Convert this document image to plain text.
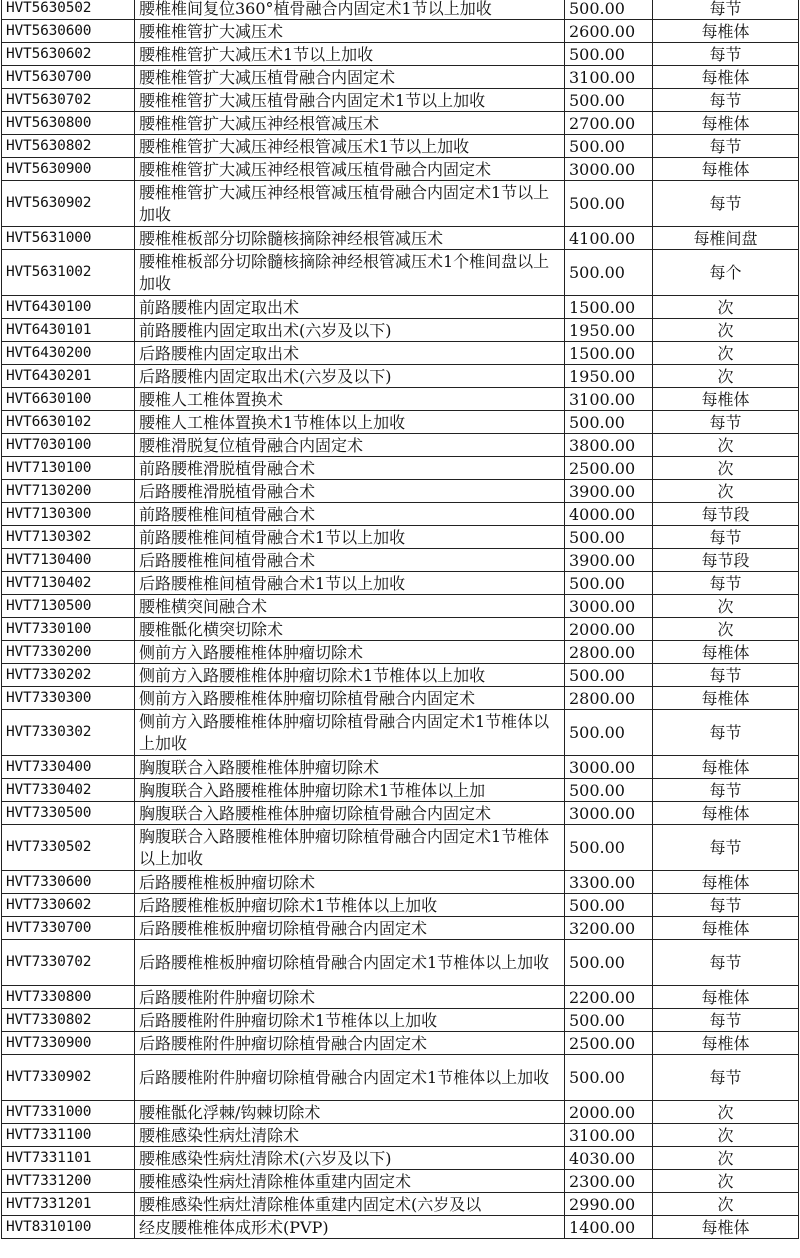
HVT5630502	腰椎椎间复位360°植骨融合内固定术1节以上加收	500.00	每节
HVT5630600	腰椎椎管扩大减压术	2600.00	每椎体
HVT5630602	腰椎椎管扩大减压术1节以上加收	500.00	每节
HVT5630700	腰椎椎管扩大减压植骨融合内固定术	3100.00	每椎体
HVT5630702	腰椎椎管扩大减压植骨融合内固定术1节以上加收	500.00	每节
HVT5630800	腰椎椎管扩大减压神经根管减压术	2700.00	每椎体
HVT5630802	腰椎椎管扩大减压神经根管减压术1节以上加收	500.00	每节
HVT5630900	腰椎椎管扩大减压神经根管减压植骨融合内固定术	3000.00	每椎体
HVT5630902	腰椎椎管扩大减压神经根管减压植骨融合内固定术1节以上加收	500.00	每节
HVT5631000	腰椎椎板部分切除髓核摘除神经根管减压术	4100.00	每椎间盘
HVT5631002	腰椎椎板部分切除髓核摘除神经根管减压术1个椎间盘以上加收	500.00	每个
HVT6430100	前路腰椎内固定取出术	1500.00	次
HVT6430101	前路腰椎内固定取出术(六岁及以下)	1950.00	次
HVT6430200	后路腰椎内固定取出术	1500.00	次
HVT6430201	后路腰椎内固定取出术(六岁及以下)	1950.00	次
HVT6630100	腰椎人工椎体置换术	3100.00	每椎体
HVT6630102	腰椎人工椎体置换术1节椎体以上加收	500.00	每节
HVT7030100	腰椎滑脱复位植骨融合内固定术	3800.00	次
HVT7130100	前路腰椎滑脱植骨融合术	2500.00	次
HVT7130200	后路腰椎滑脱植骨融合术	3900.00	次
HVT7130300	前路腰椎椎间植骨融合术	4000.00	每节段
HVT7130302	前路腰椎椎间植骨融合术1节以上加收	500.00	每节
HVT7130400	后路腰椎椎间植骨融合术	3900.00	每节段
HVT7130402	后路腰椎椎间植骨融合术1节以上加收	500.00	每节
HVT7130500	腰椎横突间融合术	3000.00	次
HVT7330100	腰椎骶化横突切除术	2000.00	次
HVT7330200	侧前方入路腰椎椎体肿瘤切除术	2800.00	每椎体
HVT7330202	侧前方入路腰椎椎体肿瘤切除术1节椎体以上加收	500.00	每节
HVT7330300	侧前方入路腰椎椎体肿瘤切除植骨融合内固定术	2800.00	每椎体
HVT7330302	侧前方入路腰椎椎体肿瘤切除植骨融合内固定术1节椎体以上加收	500.00	每节
HVT7330400	胸腹联合入路腰椎椎体肿瘤切除术	3000.00	每椎体
HVT7330402	胸腹联合入路腰椎椎体肿瘤切除术1节椎体以上加	500.00	每节
HVT7330500	胸腹联合入路腰椎椎体肿瘤切除植骨融合内固定术	3000.00	每椎体
HVT7330502	胸腹联合入路腰椎椎体肿瘤切除植骨融合内固定术1节椎体以上加收	500.00	每节
HVT7330600	后路腰椎椎板肿瘤切除术	3300.00	每椎体
HVT7330602	后路腰椎椎板肿瘤切除术1节椎体以上加收	500.00	每节
HVT7330700	后路腰椎椎板肿瘤切除植骨融合内固定术	3200.00	每椎体
HVT7330702	后路腰椎椎板肿瘤切除植骨融合内固定术1节椎体以上加收	500.00	每节
HVT7330800	后路腰椎附件肿瘤切除术	2200.00	每椎体
HVT7330802	后路腰椎附件肿瘤切除术1节椎体以上加收	500.00	每节
HVT7330900	后路腰椎附件肿瘤切除植骨融合内固定术	2500.00	每椎体
HVT7330902	后路腰椎附件肿瘤切除植骨融合内固定术1节椎体以上加收	500.00	每节
HVT7331000	腰椎骶化浮棘/钩棘切除术	2000.00	次
HVT7331100	腰椎感染性病灶清除术	3100.00	次
HVT7331101	腰椎感染性病灶清除术(六岁及以下)	4030.00	次
HVT7331200	腰椎感染性病灶清除椎体重建内固定术	2300.00	次
HVT7331201	腰椎感染性病灶清除椎体重建内固定术(六岁及以	2990.00	次
HVT8310100	经皮腰椎椎体成形术(PVP)	1400.00	每椎体
